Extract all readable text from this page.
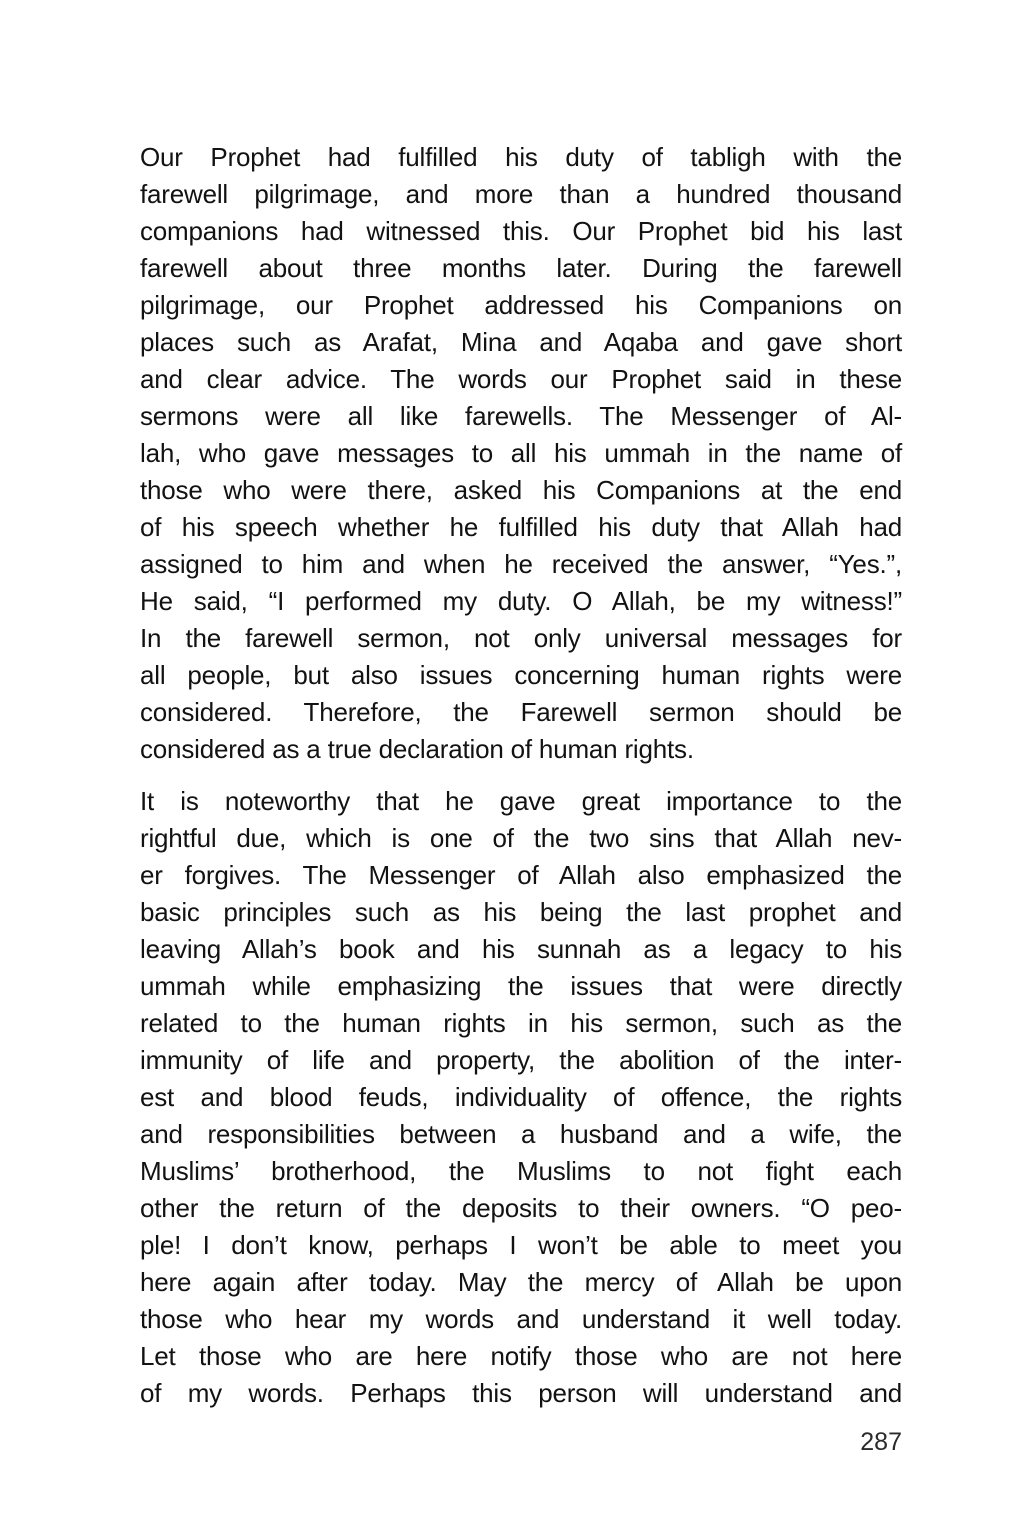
Our Prophet had fulfilled his duty of tabligh with the
farewell pilgrimage, and more than a hundred thousand
companions had witnessed this. Our Prophet bid his last
farewell about three months later. During the farewell
pilgrimage, our Prophet addressed his Companions on
places such as Arafat, Mina and Aqaba and gave short
and clear advice. The words our Prophet said in these
sermons were all like farewells. The Messenger of Al-
lah, who gave messages to all his ummah in the name of
those who were there, asked his Companions at the end
of his speech whether he fulfilled his duty that Allah had
assigned to him and when he received the answer, “Yes.”,
He said, “I performed my duty. O Allah, be my witness!”
In the farewell sermon, not only universal messages for
all people, but also issues concerning human rights were
considered. Therefore, the Farewell sermon should be
considered as a true declaration of human rights.
It is noteworthy that he gave great importance to the
rightful due, which is one of the two sins that Allah nev-
er forgives. The Messenger of Allah also emphasized the
basic principles such as his being the last prophet and
leaving Allah’s book and his sunnah as a legacy to his
ummah while emphasizing the issues that were directly
related to the human rights in his sermon, such as the
immunity of life and property, the abolition of the inter-
est and blood feuds, individuality of offence, the rights
and responsibilities between a husband and a wife, the
Muslims’ brotherhood, the Muslims to not fight each
other the return of the deposits to their owners. “O peo-
ple! I don’t know, perhaps I won’t be able to meet you
here again after today. May the mercy of Allah be upon
those who hear my words and understand it well today.
Let those who are here notify those who are not here
of my words. Perhaps this person will understand and
287
